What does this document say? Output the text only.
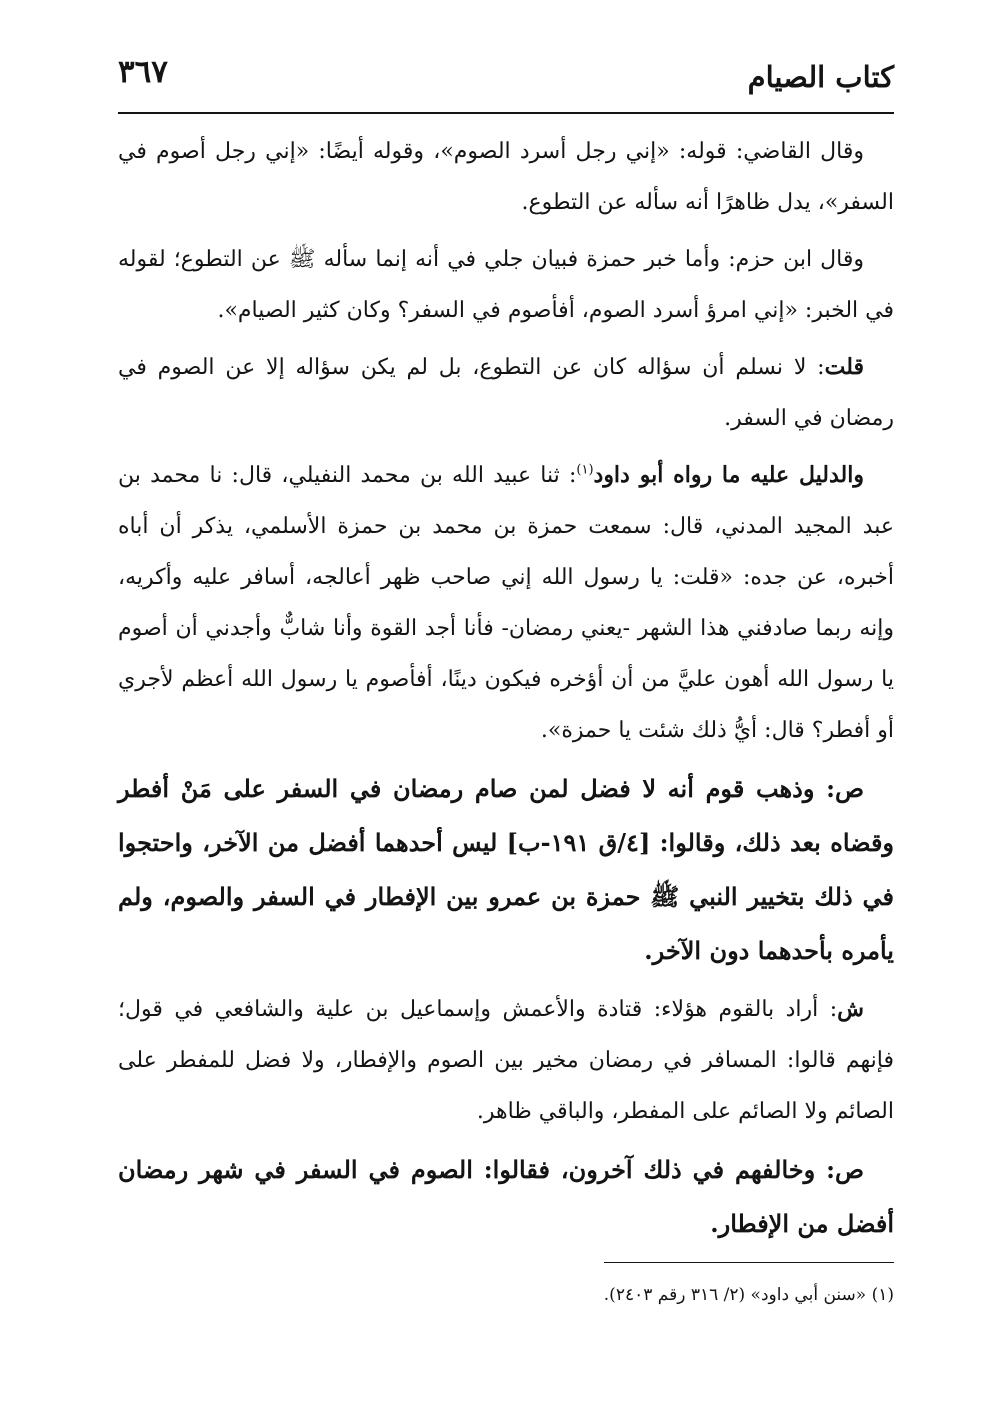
كتاب الصيام
٣٦٧

وقال القاضي: قوله: «إني رجل أسرد الصوم»، وقوله أيضًا: «إني رجل أصوم في السفر»، يدل ظاهرًا أنه سأله عن التطوع.

وقال ابن حزم: وأما خبر حمزة فبيان جلي في أنه إنما سأله ﷺ عن التطوع؛ لقوله في الخبر: «إني امرؤ أسرد الصوم، أفأصوم في السفر؟ وكان كثير الصيام».

قلت: لا نسلم أن سؤاله كان عن التطوع، بل لم يكن سؤاله إلا عن الصوم في رمضان في السفر.

والدليل عليه ما رواه أبو داود$^{(١)}$: ثنا عبيد الله بن محمد النفيلي، قال: نا محمد بن عبد المجيد المدني، قال: سمعت حمزة بن محمد بن حمزة الأسلمي، يذكر أن أباه أخبره، عن جده: «قلت: يا رسول الله إني صاحب ظهر أعالجه، أسافر عليه وأكريه، وإنه ربما صادفني هذا الشهر -يعني رمضان- فأنا أجد القوة وأنا شابٌّ وأجدني أن أصوم يا رسول الله أهون عليَّ من أن أؤخره فيكون دينًا، أفأصوم يا رسول الله أعظم لأجري أو أفطر؟ قال: أيُّ ذلك شئت يا حمزة».

ص: وذهب قوم أنه لا فضل لمن صام رمضان في السفر على مَنْ أفطر وقضاه بعد ذلك، وقالوا: [٤/ق ١٩١-ب] ليس أحدهما أفضل من الآخر، واحتجوا في ذلك بتخيير النبي ﷺ حمزة بن عمرو بين الإفطار في السفر والصوم، ولم يأمره بأحدهما دون الآخر.

ش: أراد بالقوم هؤلاء: قتادة والأعمش وإسماعيل بن علية والشافعي في قول؛ فإنهم قالوا: المسافر في رمضان مخير بين الصوم والإفطار، ولا فضل للمفطر على الصائم ولا الصائم على المفطر، والباقي ظاهر.

ص: وخالفهم في ذلك آخرون، فقالوا: الصوم في السفر في شهر رمضان أفضل من الإفطار.

(١) «سنن أبي داود» (٢/ ٣١٦ رقم ٢٤٠٣).
